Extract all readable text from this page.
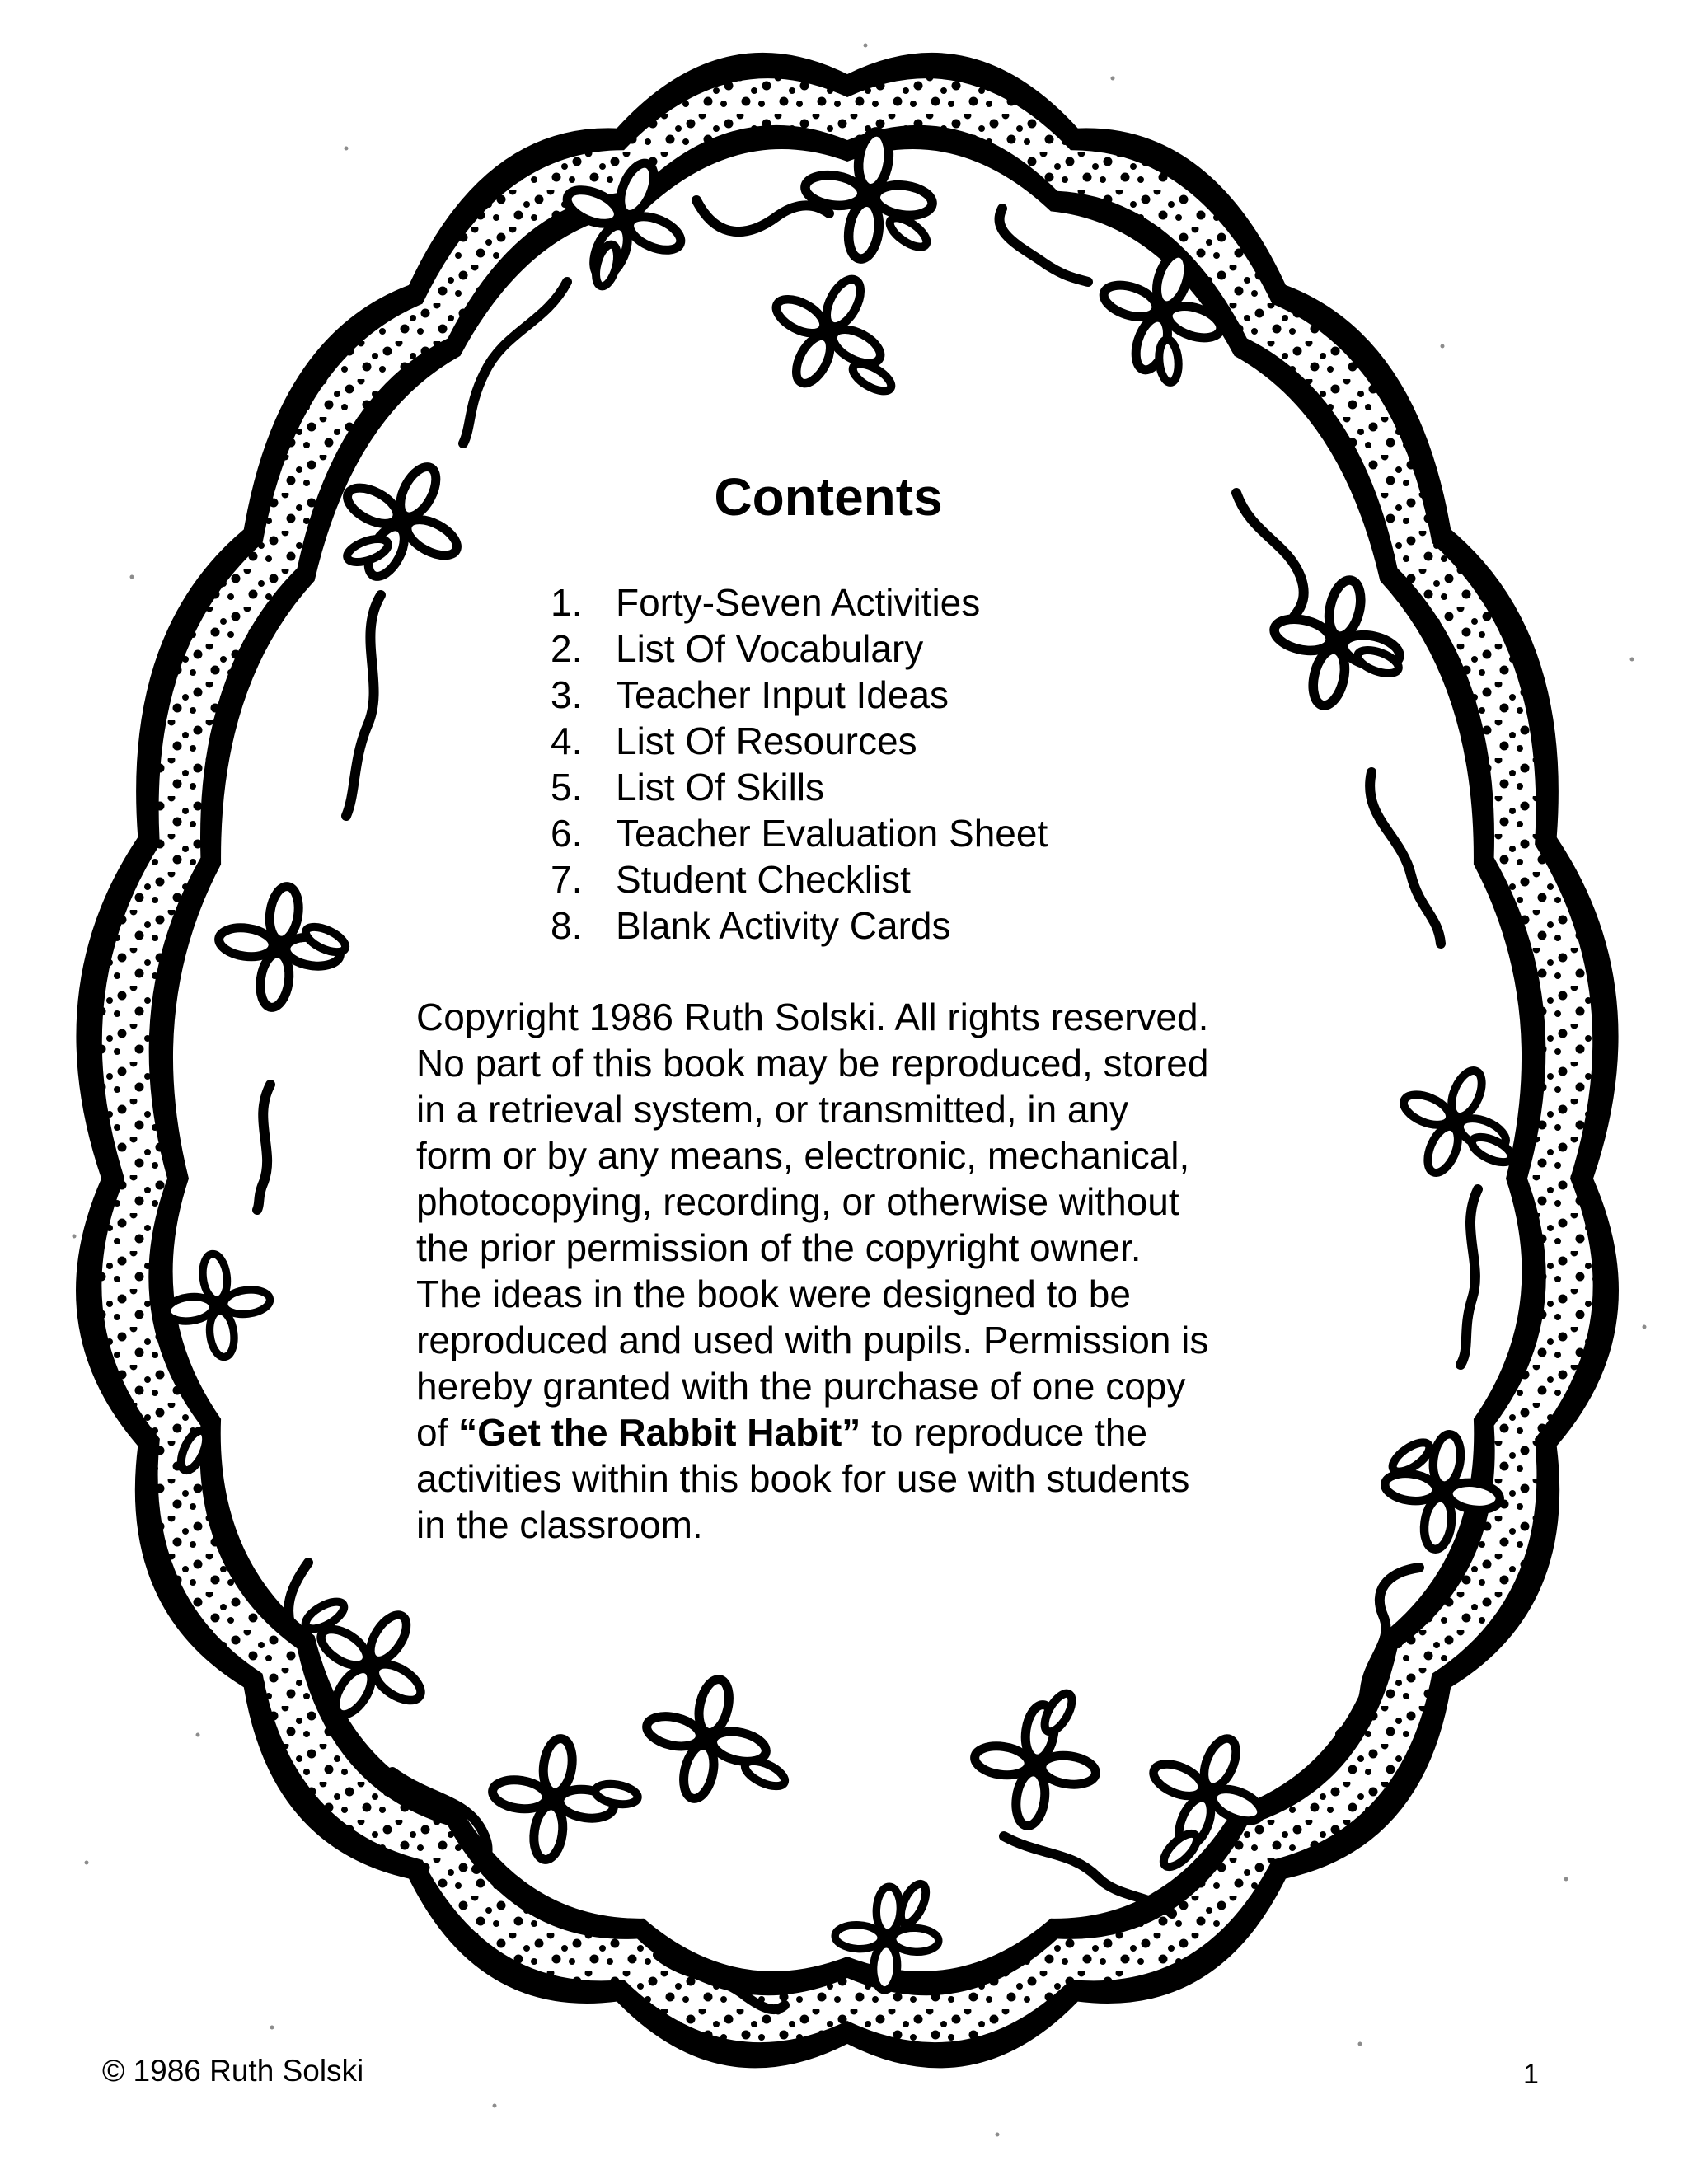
Contents
1. Forty-Seven Activities
2. List Of Vocabulary
3. Teacher Input Ideas
4. List Of Resources
5. List Of Skills
6. Teacher Evaluation Sheet
7. Student Checklist
8. Blank Activity Cards
Copyright 1986 Ruth Solski. All rights reserved. No part of this book may be reproduced, stored in a retrieval system, or transmitted, in any form or by any means, electronic, mechanical, photocopying, recording, or otherwise without the prior permission of the copyright owner. The ideas in the book were designed to be reproduced and used with pupils. Permission is hereby granted with the purchase of one copy of “Get the Rabbit Habit” to reproduce the activities within this book for use with students in the classroom.
© 1986 Ruth Solski	1
